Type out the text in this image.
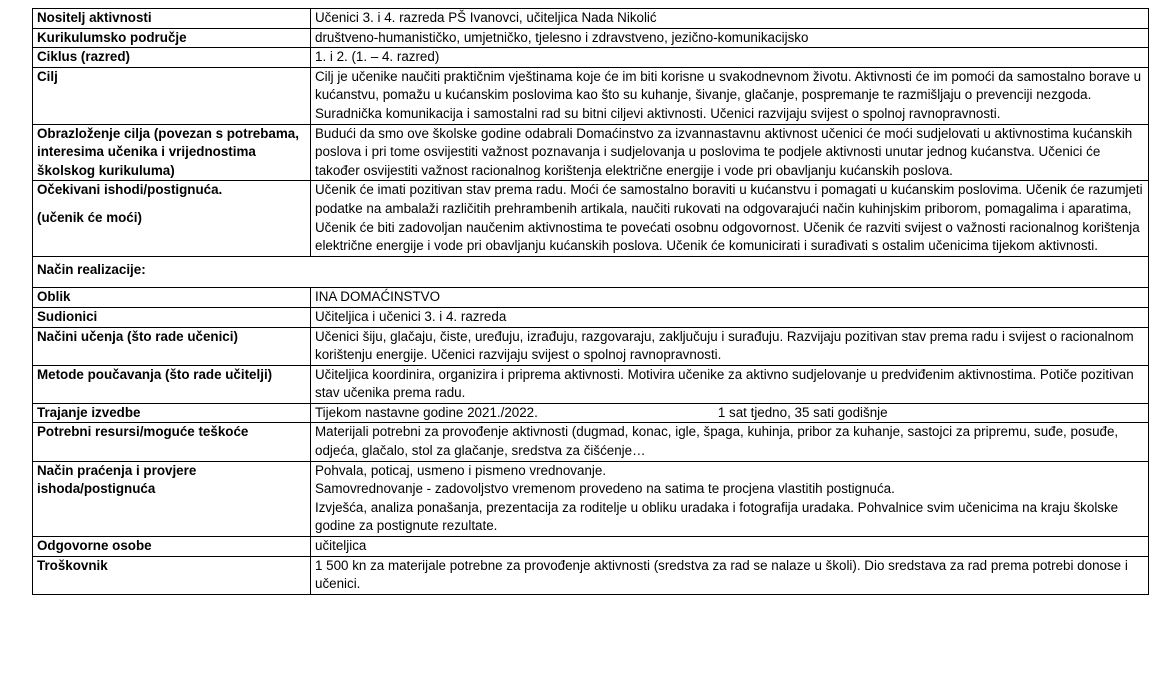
Nositelj aktivnosti	Učenici 3. i 4. razreda PŠ Ivanovci, učiteljica Nada Nikolić
Kurikulumsko područje	društveno-humanističko, umjetničko, tjelesno i zdravstveno, jezično-komunikacijsko
Ciklus (razred)	1. i 2. (1. – 4. razred)
Cilj	Cilj je učenike naučiti praktičnim vještinama koje će im biti korisne u svakodnevnom životu. Aktivnosti će im pomoći da samostalno borave u kućanstvu, pomažu u kućanskim poslovima kao što su kuhanje, šivanje, glačanje, pospremanje te razmišljaju o prevenciji nezgoda. Suradnička komunikacija i samostalni rad su bitni ciljevi aktivnosti. Učenici razvijaju svijest o spolnoj ravnopravnosti.
Obrazloženje cilja (povezan s potrebama, interesima učenika i vrijednostima školskog kurikuluma)	Budući da smo ove školske godine odabrali Domaćinstvo za izvannastavnu aktivnost učenici će moći sudjelovati u aktivnostima kućanskih poslova i pri tome osvijestiti važnost poznavanja i sudjelovanja u poslovima te podjele aktivnosti unutar jednog kućanstva. Učenici će također osvijestiti važnost racionalnog korištenja električne energije i vode pri obavljanju kućanskih poslova.
Očekivani ishodi/postignuća.
(učenik će moći)	Učenik će imati pozitivan stav prema radu. Moći će samostalno boraviti u kućanstvu i pomagati u kućanskim poslovima. Učenik će razumjeti podatke na ambalaži različitih prehrambenih artikala, naučiti rukovati na odgovarajući način kuhinjskim priborom, pomagalima i aparatima, Učenik će biti zadovoljan naučenim aktivnostima te povećati osobnu odgovornost. Učenik će razviti svijest o važnosti racionalnog korištenja električne energije i vode pri obavljanju kućanskih poslova. Učenik će komunicirati i surađivati s ostalim učenicima tijekom aktivnosti.
Način realizacije:	
Oblik	INA DOMAĆINSTVO
Sudionici	Učiteljica i učenici 3. i 4. razreda
Načini učenja (što rade učenici)	Učenici šiju, glačaju, čiste, uređuju, izrađuju, razgovaraju, zaključuju i surađuju. Razvijaju pozitivan stav prema radu i svijest o racionalnom korištenju energije. Učenici razvijaju svijest o spolnoj ravnopravnosti.
Metode poučavanja (što rade učitelji)	Učiteljica koordinira, organizira i priprema aktivnosti. Motivira učenike za aktivno sudjelovanje u predviđenim aktivnostima. Potiče pozitivan stav učenika prema radu.
Trajanje izvedbe	Tijekom nastavne godine 2021./2022. 1 sat tjedno, 35 sati godišnje
Potrebni resursi/moguće teškoće	Materijali potrebni za provođenje aktivnosti (dugmad, konac, igle, špaga, kuhinja, pribor za kuhanje, sastojci za pripremu, suđe, posuđe, odjeća, glačalo, stol za glačanje, sredstva za čišćenje…
Način praćenja i provjere ishoda/postignuća	Pohvala, poticaj, usmeno i pismeno vrednovanje.
Samovrednovanje - zadovoljstvo vremenom provedeno na satima te procjena vlastitih postignuća.
Izvješća, analiza ponašanja, prezentacija za roditelje u obliku uradaka i fotografija uradaka. Pohvalnice svim učenicima na kraju školske godine za postignute rezultate.
Odgovorne osobe	učiteljica
Troškovnik	1 500 kn za materijale potrebne za provođenje aktivnosti (sredstva za rad se nalaze u školi). Dio sredstava za rad prema potrebi donose i učenici.
